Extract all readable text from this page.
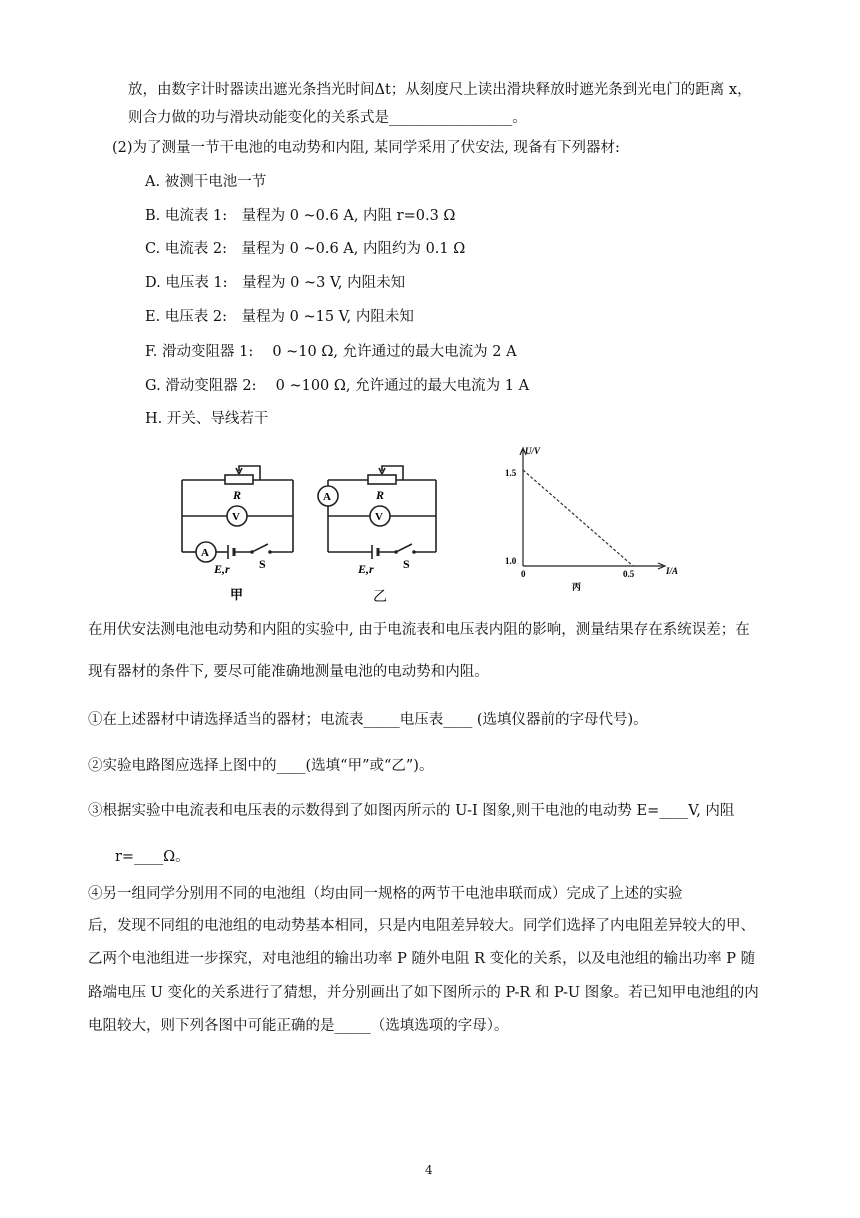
放，由数字计时器读出遮光条挡光时间Δt；从刻度尺上读出滑块释放时遮光条到光电门的距离 x，
则合力做的功与滑块动能变化的关系式是_________________。
(2)为了测量一节干电池的电动势和内阻, 某同学采用了伏安法, 现备有下列器材:
A. 被测干电池一节
B. 电流表 1:　量程为 0 ~0.6 A, 内阻 r=0.3 Ω
C. 电流表 2:　量程为 0 ~0.6 A, 内阻约为 0.1 Ω
D. 电压表 1:　量程为 0 ~3 V, 内阻未知
E. 电压表 2:　量程为 0 ~15 V, 内阻未知
F. 滑动变阻器 1:　 0 ~10 Ω, 允许通过的最大电流为 2 A
G. 滑动变阻器 2:　 0 ~100 Ω, 允许通过的最大电流为 1 A
H. 开关、导线若干
R
V
A
E,r S
甲
A	R
V
E,r S
乙
U/V
I/A
1.5
1.0
0	0.5
丙
在用伏安法测电池电动势和内阻的实验中, 由于电流表和电压表内阻的影响，测量结果存在系统误差；在
现有器材的条件下, 要尽可能准确地测量电池的电动势和内阻。
①在上述器材中请选择适当的器材；电流表_____电压表____ (选填仪器前的字母代号)。
②实验电路图应选择上图中的____(选填“甲”或“乙”)。
③根据实验中电流表和电压表的示数得到了如图丙所示的 U-I 图象,则干电池的电动势 E=____V, 内阻
r=____Ω。
④另一组同学分别用不同的电池组（均由同一规格的两节干电池串联而成）完成了上述的实验
后，发现不同组的电池组的电动势基本相同，只是内电阻差异较大。同学们选择了内电阻差异较大的甲、
乙两个电池组进一步探究，对电池组的输出功率 P 随外电阻 R 变化的关系，以及电池组的输出功率 P 随
路端电压 U 变化的关系进行了猜想，并分别画出了如下图所示的 P-R 和 P-U 图象。若已知甲电池组的内
电阻较大，则下列各图中可能正确的是_____（选填选项的字母）。
4
